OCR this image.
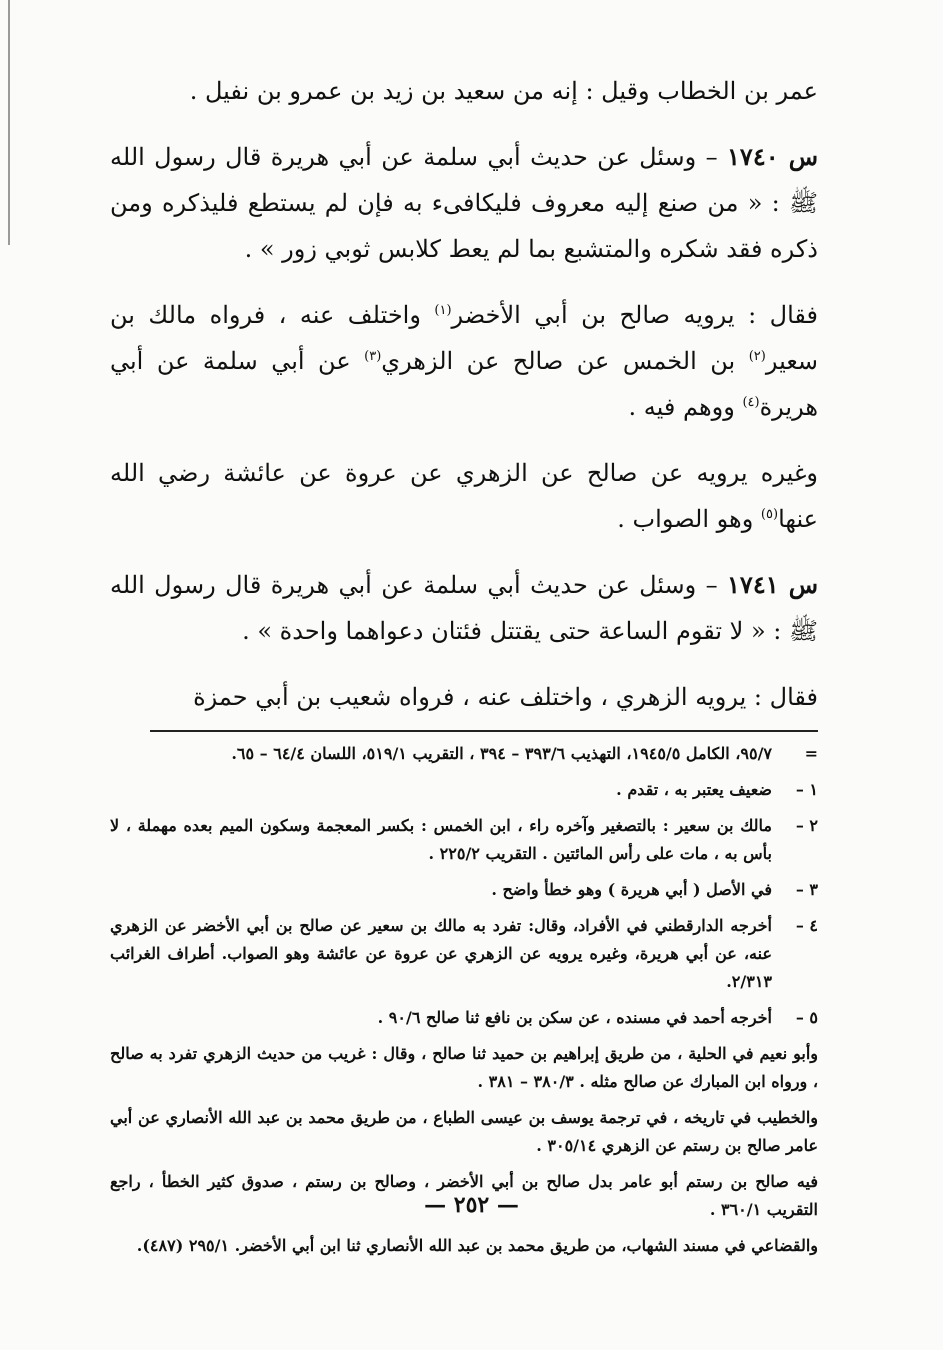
عمر بن الخطاب وقيل : إنه من سعيد بن زيد بن عمرو بن نفيل .

س ١٧٤٠ – وسئل عن حديث أبي سلمة عن أبي هريرة قال رسول الله ﷺ : « من صنع إليه معروف فليكافىء به فإن لم يستطع فليذكره ومن ذكره فقد شكره والمتشبع بما لم يعط كلابس ثوبي زور » .

فقال : يرويه صالح بن أبي الأخضر$^{(١)}$ واختلف عنه ، فرواه مالك بن سعير$^{(٢)}$ بن الخمس عن صالح عن الزهري$^{(٣)}$ عن أبي سلمة عن أبي هريرة$^{(٤)}$ ووهم فيه .

وغيره يرويه عن صالح عن الزهري عن عروة عن عائشة رضي الله عنها$^{(٥)}$ وهو الصواب .

س ١٧٤١ – وسئل عن حديث أبي سلمة عن أبي هريرة قال رسول الله ﷺ : « لا تقوم الساعة حتى يقتتل فئتان دعواهما واحدة » .

فقال : يرويه الزهري ، واختلف عنه ، فرواه شعيب بن أبي حمزة

=
٩٥/٧، الكامل ١٩٤٥/٥، التهذيب ٣٩٣/٦ – ٣٩٤ ، التقريب ٥١٩/١، اللسان ٦٤/٤ – ٦٥.
١ –
ضعيف يعتبر به ، تقدم .
٢ –
مالك بن سعير : بالتصغير وآخره راء ، ابن الخمس : بكسر المعجمة وسكون الميم بعده مهملة ، لا بأس به ، مات على رأس المائتين . التقريب ٢٢٥/٢ .
٣ –
في الأصل ( أبي هريرة ) وهو خطأ واضح .
٤ –
أخرجه الدارقطني في الأفراد، وقال: تفرد به مالك بن سعير عن صالح بن أبي الأخضر عن الزهري عنه، عن أبي هريرة، وغيره يرويه عن الزهري عن عروة عن عائشة وهو الصواب. أطراف الغرائب ٢/٣١٣.
٥ –
أخرجه أحمد في مسنده ، عن سكن بن نافع ثنا صالح ٩٠/٦ .
وأبو نعيم في الحلية ، من طريق إبراهيم بن حميد ثنا صالح ، وقال : غريب من حديث الزهري تفرد به صالح ، ورواه ابن المبارك عن صالح مثله . ٣٨٠/٣ – ٣٨١ .
والخطيب في تاريخه ، في ترجمة يوسف بن عيسى الطباع ، من طريق محمد بن عبد الله الأنصاري عن أبي عامر صالح بن رستم عن الزهري ٣٠٥/١٤ .
فيه صالح بن رستم أبو عامر بدل صالح بن أبي الأخضر ، وصالح بن رستم ، صدوق كثير الخطأ ، راجع التقريب ٣٦٠/١ .
والقضاعي في مسند الشهاب، من طريق محمد بن عبد الله الأنصاري ثنا ابن أبي الأخضر. ٢٩٥/١ (٤٨٧).
— ٢٥٢ —
